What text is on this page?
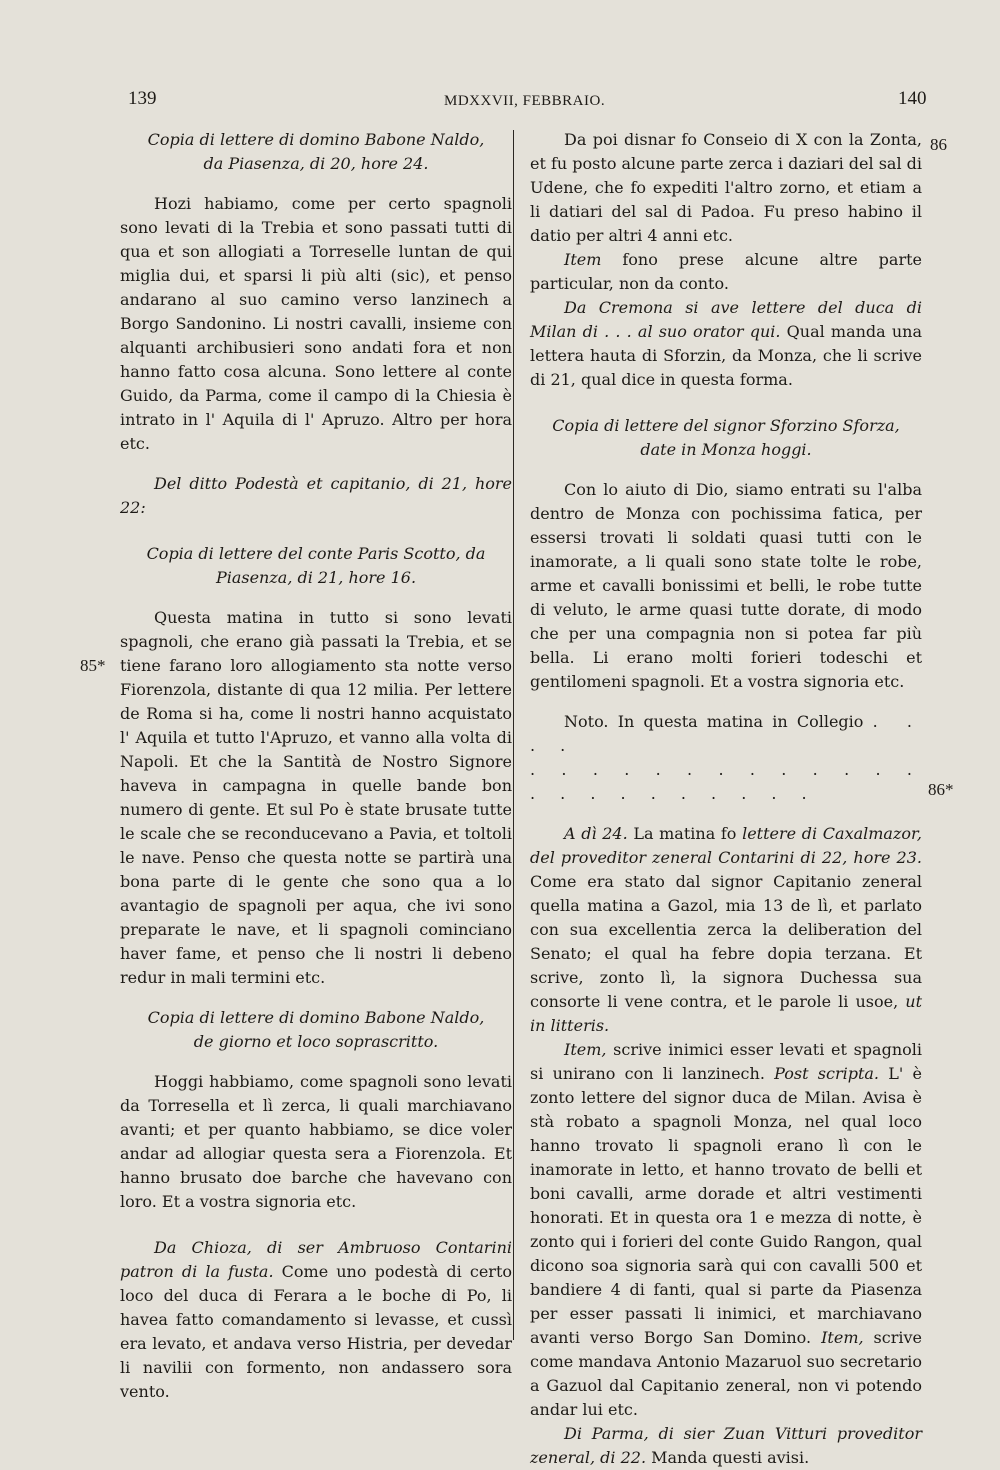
139	MDXXVII, FEBBRAIO.	140
85*
86
86*

Copia di lettere di domino Babone Naldo, da Piasenza, di 20, hore 24.

Hozi habiamo, come per certo spagnoli sono levati di la Trebia et sono passati tutti di qua et son allogiati a Torreselle luntan de qui miglia dui, et sparsi li più alti (sic), et penso andarano al suo camino verso lanzinech a Borgo Sandonino. Li nostri cavalli, insieme con alquanti archibusieri sono andati fora et non hanno fatto cosa alcuna. Sono lettere al conte Guido, da Parma, come il campo di la Chiesia è intrato in l' Aquila di l' Apruzo. Altro per hora etc.

Del ditto Podestà et capitanio, di 21, hore 22:

Copia di lettere del conte Paris Scotto, da Piasenza, di 21, hore 16.

Questa matina in tutto si sono levati spagnoli, che erano già passati la Trebia, et se tiene farano loro allogiamento sta notte verso Fiorenzola, distante di qua 12 milia. Per lettere de Roma si ha, come li nostri hanno acquistato l' Aquila et tutto l'Apruzo, et vanno alla volta di Napoli. Et che la Santità de Nostro Signore haveva in campagna in quelle bande bon numero di gente. Et sul Po è state brusate tutte le scale che se reconducevano a Pavia, et toltoli le nave. Penso che questa notte se partirà una bona parte di le gente che sono qua a lo avantagio de spagnoli per aqua, che ivi sono preparate le nave, et li spagnoli cominciano haver fame, et penso che li nostri li debeno redur in mali termini etc.

Copia di lettere di domino Babone Naldo, de giorno et loco soprascritto.

Hoggi habbiamo, come spagnoli sono levati da Torresella et lì zerca, li quali marchiavano avanti; et per quanto habbiamo, se dice voler andar ad allogiar questa sera a Fiorenzola. Et hanno brusato doe barche che havevano con loro. Et a vostra signoria etc.

Da Chioza, di ser Ambruoso Contarini patron di la fusta. Come uno podestà di certo loco del duca di Ferara a le boche di Po, li havea fatto comandamento si levasse, et cussì era levato, et andava verso Histria, per devedar li navilii con formento, non andassero sora vento.

Da poi disnar fo Conseio di X con la Zonta, et fu posto alcune parte zerca i daziari del sal di Udene, che fo expediti l'altro zorno, et etiam a li datiari del sal di Padoa. Fu preso habino il datio per altri 4 anni etc.

Item fono prese alcune altre parte particular, non da conto.

Da Cremona si ave lettere del duca di Milan di . . . al suo orator qui. Qual manda una lettera hauta di Sforzin, da Monza, che li scrive di 21, qual dice in questa forma.

Copia di lettere del signor Sforzino Sforza, date in Monza hoggi.

Con lo aiuto di Dio, siamo entrati su l'alba dentro de Monza con pochissima fatica, per essersi trovati li soldati quasi tutti con le inamorate, a li quali sono state tolte le robe, arme et cavalli bonissimi et belli, le robe tutte di veluto, le arme quasi tutte dorate, di modo che per una compagnia non si potea far più bella. Li erano molti forieri todeschi et gentilomeni spagnoli. Et a vostra signoria etc.

Noto. In questa matina in Collegio . . . .

. . . . . . . . . . . . . . . . . . . . . . .

A dì 24. La matina fo lettere di Caxalmazor, del proveditor zeneral Contarini di 22, hore 23. Come era stato dal signor Capitanio zeneral quella matina a Gazol, mia 13 de lì, et parlato con sua excellentia zerca la deliberation del Senato; el qual ha febre dopia terzana. Et scrive, zonto lì, la signora Duchessa sua consorte li vene contra, et le parole li usoe, ut in litteris.

Item, scrive inimici esser levati et spagnoli si unirano con li lanzinech. Post scripta. L' è zonto lettere del signor duca de Milan. Avisa è stà robato a spagnoli Monza, nel qual loco hanno trovato li spagnoli erano lì con le inamorate in letto, et hanno trovato de belli et boni cavalli, arme dorade et altri vestimenti honorati. Et in questa ora 1 e mezza di notte, è zonto qui i forieri del conte Guido Rangon, qual dicono soa signoria sarà qui con cavalli 500 et bandiere 4 di fanti, qual si parte da Piasenza per esser passati li inimici, et marchiavano avanti verso Borgo San Domino. Item, scrive come mandava Antonio Mazaruol suo secretario a Gazuol dal Capitanio zeneral, non vi potendo andar lui etc.

Di Parma, di sier Zuan Vitturi proveditor zeneral, di 22. Manda questi avisi.
